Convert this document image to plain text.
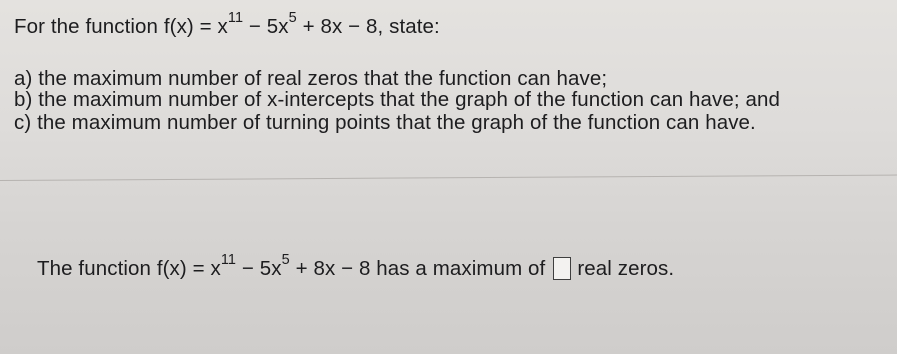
For the function $f(x) = x^{11} - 5x^5 + 8x - 8$, state:
a) the maximum number of real zeros that the function can have;
b) the maximum number of x-intercepts that the graph of the function can have; and
c) the maximum number of turning points that the graph of the function can have.
The function $f(x) = x^{11} - 5x^5 + 8x - 8$ has a maximum of real zeros.
